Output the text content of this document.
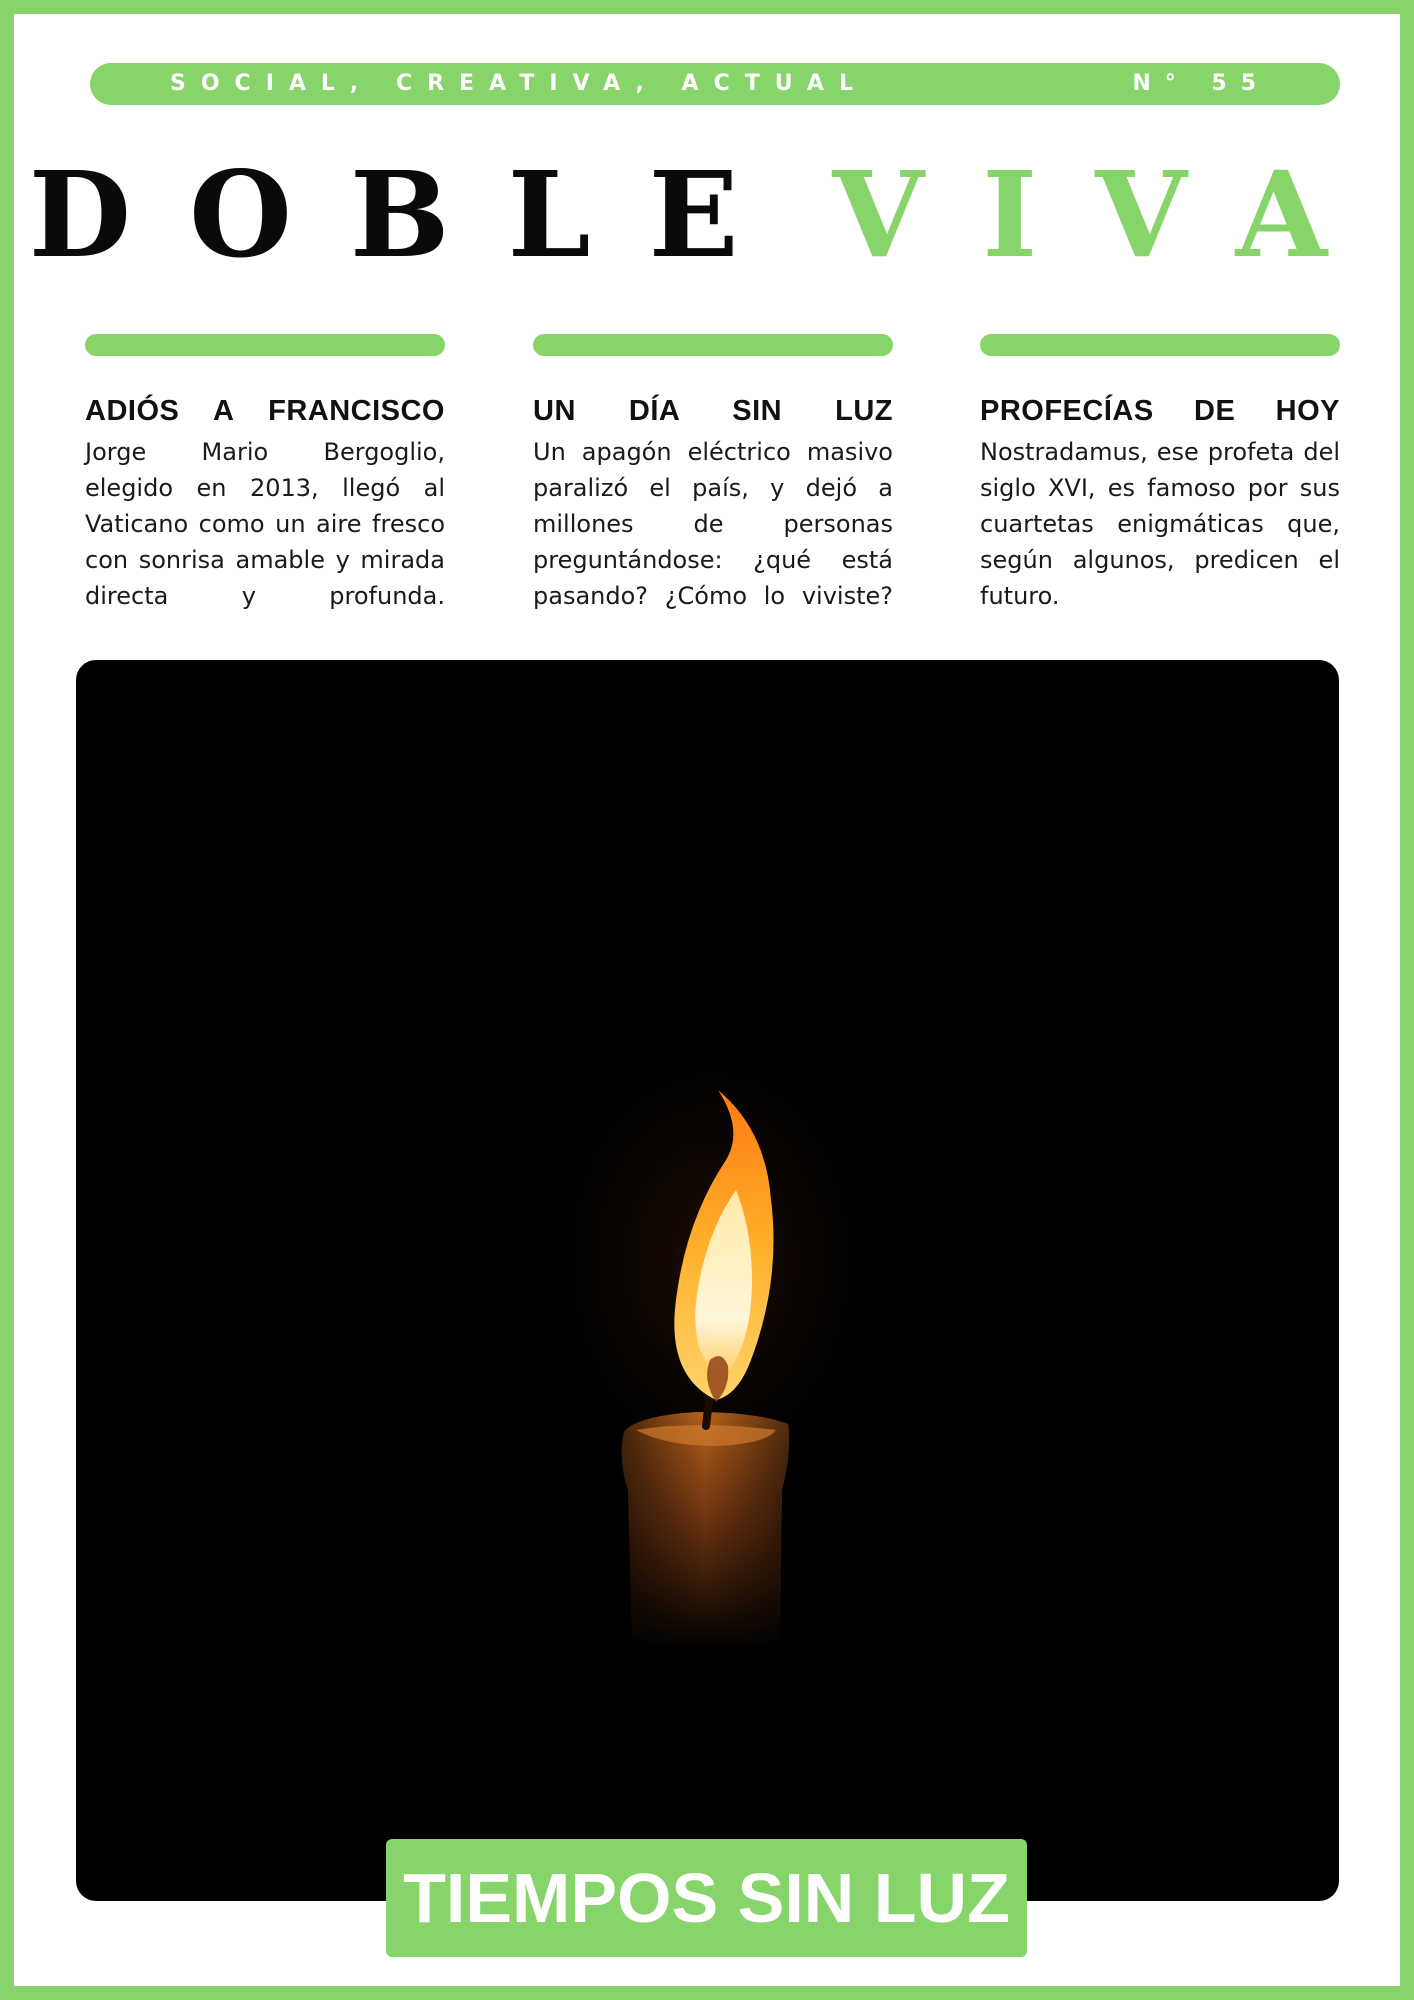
SOCIAL, CREATIVA, ACTUAL	N° 55
DOBLE VIVA
ADIÓS A FRANCISCO

Jorge Mario Bergoglio, elegido en 2013, llegó al Vaticano como un aire fresco con sonrisa amable y mirada directa y profunda.

UN DÍA SIN LUZ

Un apagón eléctrico masivo paralizó el país, y dejó a millones de personas preguntándose: ¿qué está pasando? ¿Cómo lo viviste?

PROFECÍAS DE HOY

Nostradamus, ese profeta del siglo XVI, es famoso por sus cuartetas enigmáticas que, según algunos, predicen el futuro.

TIEMPOS SIN LUZ
